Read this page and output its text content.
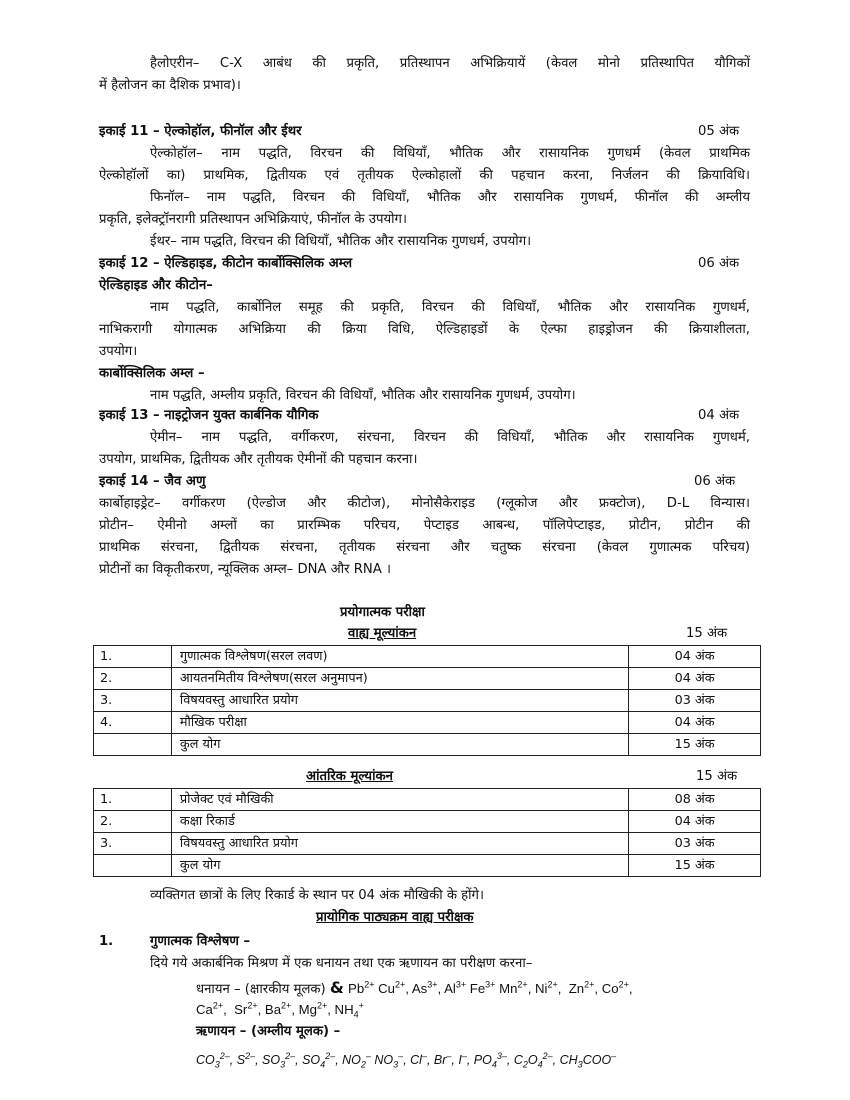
हैलोएरीन– C-X आबंध की प्रकृति, प्रतिस्थापन अभिक्रियायें (केवल मोनो प्रतिस्थापित यौगिकों
में हैलोजन का दैशिक प्रभाव)।
इकाई 11 – ऐल्कोहॉल, फीनॉल और ईथर	05 अंक
ऐल्कोहॉल– नाम पद्धति, विरचन की विधियाँ, भौतिक और रासायनिक गुणधर्म (केवल प्राथमिक
ऐल्कोहॉलों का) प्राथमिक, द्वितीयक एवं तृतीयक ऐल्कोहालों की पहचान करना, निर्जलन की क्रियाविधि।
फिनॉल– नाम पद्धति, विरचन की विधियाँ, भौतिक और रासायनिक गुणधर्म, फीनॉल की अम्लीय
प्रकृति, इलेक्ट्रॉनरागी प्रतिस्थापन अभिक्रियाएं, फीनॉल के उपयोग।
ईथर– नाम पद्धति, विरचन की विधियाँ, भौतिक और रासायनिक गुणधर्म, उपयोग।
इकाई 12 – ऐल्डिहाइड, कीटोन कार्बोक्सिलिक अम्ल	06 अंक
ऐल्डिहाइड और कीटोन–
नाम पद्धति, कार्बोनिल समूह की प्रकृति, विरचन की विधियाँ, भौतिक और रासायनिक गुणधर्म,
नाभिकरागी योगात्मक अभिक्रिया की क्रिया विधि, ऐल्डिहाइडों के ऐल्फा हाइड्रोजन की क्रियाशीलता,
उपयोग।
कार्बोक्सिलिक अम्ल –
नाम पद्धति, अम्लीय प्रकृति, विरचन की विधियाँ, भौतिक और रासायनिक गुणधर्म, उपयोग।
इकाई 13 – नाइट्रोजन युक्त कार्बनिक यौगिक	04 अंक
ऐमीन– नाम पद्धति, वर्गीकरण, संरचना, विरचन की विधियाँ, भौतिक और रासायनिक गुणधर्म,
उपयोग, प्राथमिक, द्वितीयक और तृतीयक ऐमीनों की पहचान करना।
इकाई 14 – जैव अणु	06 अंक
कार्बोहाइड्रेट– वर्गीकरण (ऐल्डोज और कीटोज), मोनोसैकेराइड (ग्लूकोज और फ्रक्टोज), D-L विन्यास।
प्रोटीन– ऐमीनो अम्लों का प्रारम्भिक परिचय, पेप्टाइड आबन्ध, पॉलिपेप्टाइड, प्रोटीन, प्रोटीन की
प्राथमिक संरचना, द्वितीयक संरचना, तृतीयक संरचना और चतुष्क संरचना (केवल गुणात्मक परिचय)
प्रोटीनों का विकृतीकरण, न्यूक्लिक अम्ल– DNA और RNA ।
प्रयोगात्मक परीक्षा
वाह्य मूल्यांकन	15 अंक
1.	गुणात्मक विश्लेषण(सरल लवण)	04 अंक
2.	आयतनमितीय विश्लेषण(सरल अनुमापन)	04 अंक
3.	विषयवस्तु आधारित प्रयोग	03 अंक
4.	मौखिक परीक्षा	04 अंक
	कुल योग	15 अंक
आंतरिक मूल्यांकन	15 अंक
1.	प्रोजेक्ट एवं मौखिकी	08 अंक
2.	कक्षा रिकार्ड	04 अंक
3.	विषयवस्तु आधारित प्रयोग	03 अंक
	कुल योग	15 अंक
व्यक्तिगत छात्रों के लिए रिकार्ड के स्थान पर 04 अंक मौखिकी के होंगे।
प्रायोगिक पाठ्यक्रम वाह्य परीक्षक
1.	गुणात्मक विश्लेषण –
दिये गये अकार्बनिक मिश्रण में एक धनायन तथा एक ऋणायन का परीक्षण करना–
धनायन – (क्षारकीय मूलक) & $Pb^{2+}$ $Cu^{2+}$, $As^{3+}$, $Al^{3+}$ $Fe^{3+}$ $Mn^{2+}$, $Ni^{2+}$,  $Zn^{2+}$, $Co^{2+}$,
$Ca^{2+}$,  $Sr^{2+}$, $Ba^{2+}$, $Mg^{2+}$, $NH_4^+$
ऋणायन – (अम्लीय मूलक) –
$CO_3^{2-}$, $S^{2-}$, $SO_3^{2-}$, $SO_4^{2-}$, $NO_2^-$ $NO_3^-$, Cl–, Br–, I–, $PO_4^{3-}$, $C_2O_4^{2-}$, $CH_3COO^-$
